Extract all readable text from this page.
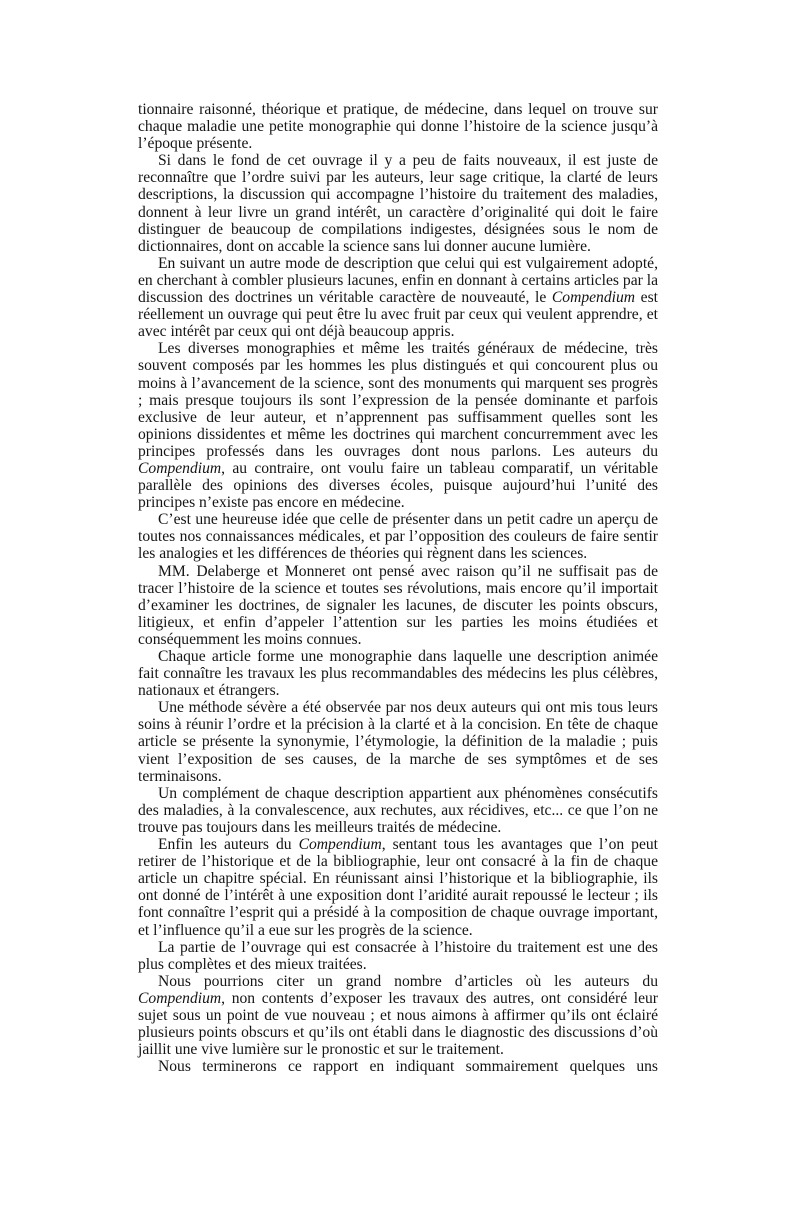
tionnaire raisonné, théorique et pratique, de médecine, dans lequel on trouve sur chaque maladie une petite monographie qui donne l’histoire de la science jusqu’à l’époque présente.

Si dans le fond de cet ouvrage il y a peu de faits nouveaux, il est juste de reconnaître que l’ordre suivi par les auteurs, leur sage critique, la clarté de leurs descriptions, la discussion qui accompagne l’histoire du traitement des maladies, donnent à leur livre un grand intérêt, un caractère d’originalité qui doit le faire distinguer de beaucoup de compilations indigestes, désignées sous le nom de dictionnaires, dont on accable la science sans lui donner aucune lumière.

En suivant un autre mode de description que celui qui est vulgairement adopté, en cherchant à combler plusieurs lacunes, enfin en donnant à certains articles par la discussion des doctrines un véritable caractère de nouveauté, le Compendium est réellement un ouvrage qui peut être lu avec fruit par ceux qui veulent apprendre, et avec intérêt par ceux qui ont déjà beaucoup appris.

Les diverses monographies et même les traités généraux de médecine, très souvent composés par les hommes les plus distingués et qui concourent plus ou moins à l’avancement de la science, sont des monuments qui marquent ses progrès ; mais presque toujours ils sont l’expression de la pensée dominante et parfois exclusive de leur auteur, et n’apprennent pas suffisamment quelles sont les opinions dissidentes et même les doctrines qui marchent concurremment avec les principes professés dans les ouvrages dont nous parlons. Les auteurs du Compendium, au contraire, ont voulu faire un tableau comparatif, un véritable parallèle des opinions des diverses écoles, puisque aujourd’hui l’unité des principes n’existe pas encore en médecine.

C’est une heureuse idée que celle de présenter dans un petit cadre un aperçu de toutes nos connaissances médicales, et par l’opposition des couleurs de faire sentir les analogies et les différences de théories qui règnent dans les sciences.

MM. Delaberge et Monneret ont pensé avec raison qu’il ne suffisait pas de tracer l’histoire de la science et toutes ses révolutions, mais encore qu’il importait d’examiner les doctrines, de signaler les lacunes, de discuter les points obscurs, litigieux, et enfin d’appeler l’attention sur les parties les moins étudiées et conséquemment les moins connues.

Chaque article forme une monographie dans laquelle une description animée fait connaître les travaux les plus recommandables des médecins les plus célèbres, nationaux et étrangers.

Une méthode sévère a été observée par nos deux auteurs qui ont mis tous leurs soins à réunir l’ordre et la précision à la clarté et à la concision. En tête de chaque article se présente la synonymie, l’étymologie, la définition de la maladie ; puis vient l’exposition de ses causes, de la marche de ses symptômes et de ses terminaisons.

Un complément de chaque description appartient aux phénomènes consécutifs des maladies, à la convalescence, aux rechutes, aux récidives, etc... ce que l’on ne trouve pas toujours dans les meilleurs traités de médecine.

Enfin les auteurs du Compendium, sentant tous les avantages que l’on peut retirer de l’historique et de la bibliographie, leur ont consacré à la fin de chaque article un chapitre spécial. En réunissant ainsi l’historique et la bibliographie, ils ont donné de l’intérêt à une exposition dont l’aridité aurait repoussé le lecteur ; ils font connaître l’esprit qui a présidé à la composition de chaque ouvrage important, et l’influence qu’il a eue sur les progrès de la science.

La partie de l’ouvrage qui est consacrée à l’histoire du traitement est une des plus complètes et des mieux traitées.

Nous pourrions citer un grand nombre d’articles où les auteurs du Compendium, non contents d’exposer les travaux des autres, ont considéré leur sujet sous un point de vue nouveau ; et nous aimons à affirmer qu’ils ont éclairé plusieurs points obscurs et qu’ils ont établi dans le diagnostic des discussions d’où jaillit une vive lumière sur le pronostic et sur le traitement.

Nous terminerons ce rapport en indiquant sommairement quelques uns
